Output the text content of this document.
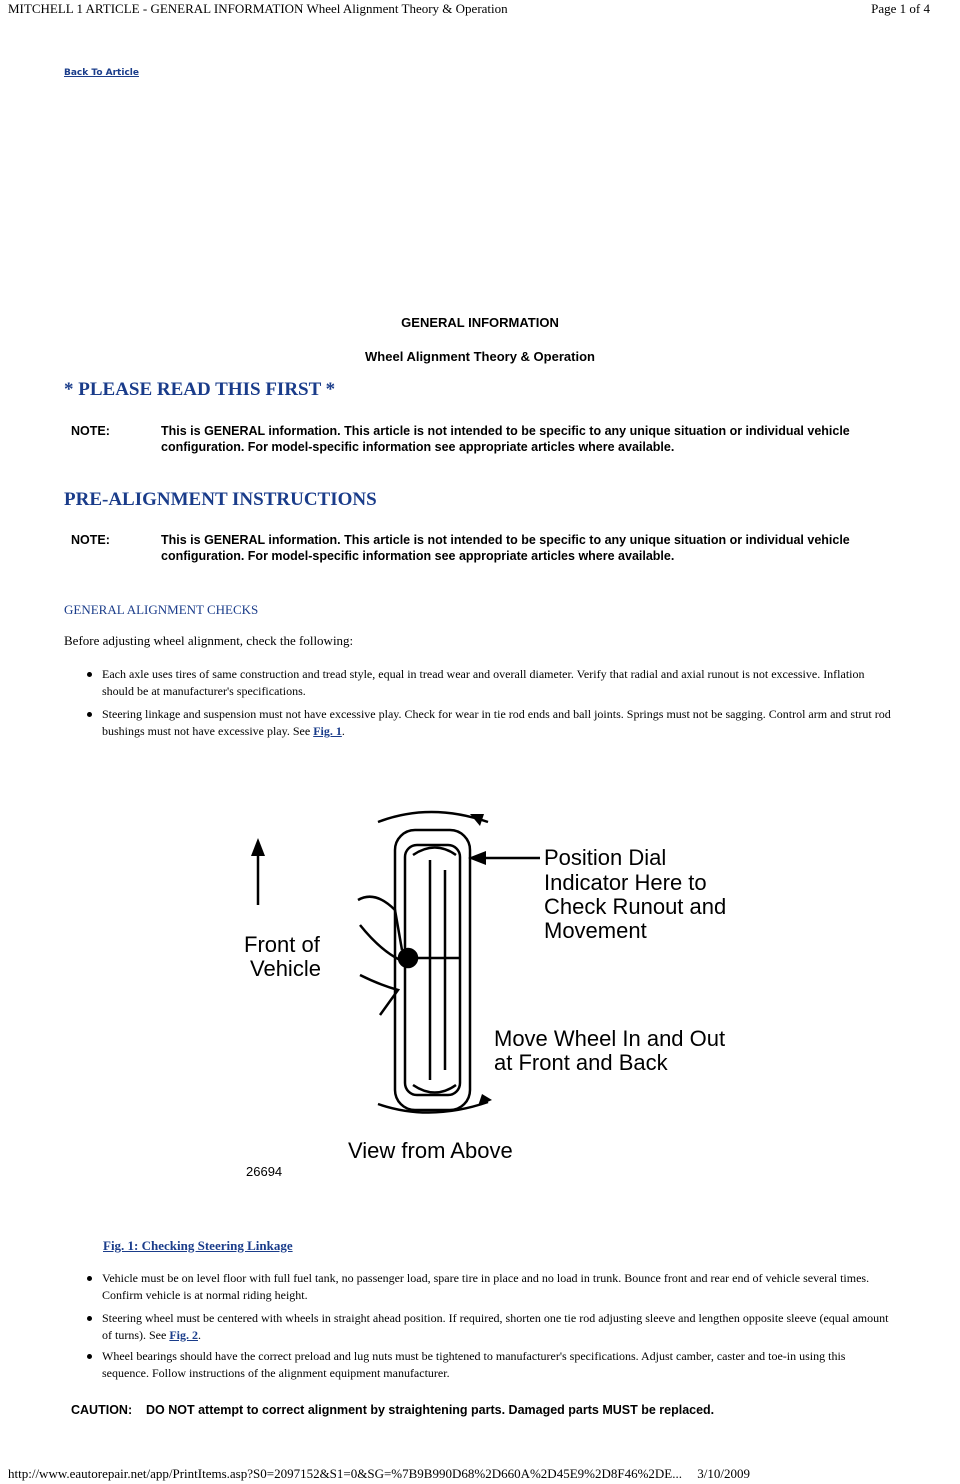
MITCHELL 1 ARTICLE - GENERAL INFORMATION Wheel Alignment Theory & Operation	Page 1 of 4
Back To Article
GENERAL INFORMATION
Wheel Alignment Theory & Operation
* PLEASE READ THIS FIRST *
NOTE:	This is GENERAL information. This article is not intended to be specific to any unique situation or individual vehicle configuration. For model-specific information see appropriate articles where available.
PRE-ALIGNMENT INSTRUCTIONS
NOTE:	This is GENERAL information. This article is not intended to be specific to any unique situation or individual vehicle configuration. For model-specific information see appropriate articles where available.
GENERAL ALIGNMENT CHECKS
Before adjusting wheel alignment, check the following:
Each axle uses tires of same construction and tread style, equal in tread wear and overall diameter. Verify that radial and axial runout is not excessive. Inflation should be at manufacturer's specifications.
Steering linkage and suspension must not have excessive play. Check for wear in tie rod ends and ball joints. Springs must not be sagging. Control arm and strut rod bushings must not have excessive play. See Fig. 1.
Position Dial
Indicator Here to
Check Runout and
Movement
Front of
Vehicle
Move Wheel In and Out
at Front and Back
View from Above
26694
Fig. 1: Checking Steering Linkage
Vehicle must be on level floor with full fuel tank, no passenger load, spare tire in place and no load in trunk. Bounce front and rear end of vehicle several times. Confirm vehicle is at normal riding height.
Steering wheel must be centered with wheels in straight ahead position. If required, shorten one tie rod adjusting sleeve and lengthen opposite sleeve (equal amount of turns). See Fig. 2.
Wheel bearings should have the correct preload and lug nuts must be tightened to manufacturer's specifications. Adjust camber, caster and toe-in using this sequence. Follow instructions of the alignment equipment manufacturer.
CAUTION: DO NOT attempt to correct alignment by straightening parts. Damaged parts MUST be replaced.
http://www.eautorepair.net/app/PrintItems.asp?S0=2097152&S1=0&SG=%7B9B990D68%2D660A%2D45E9%2D8F46%2DE... 3/10/2009
